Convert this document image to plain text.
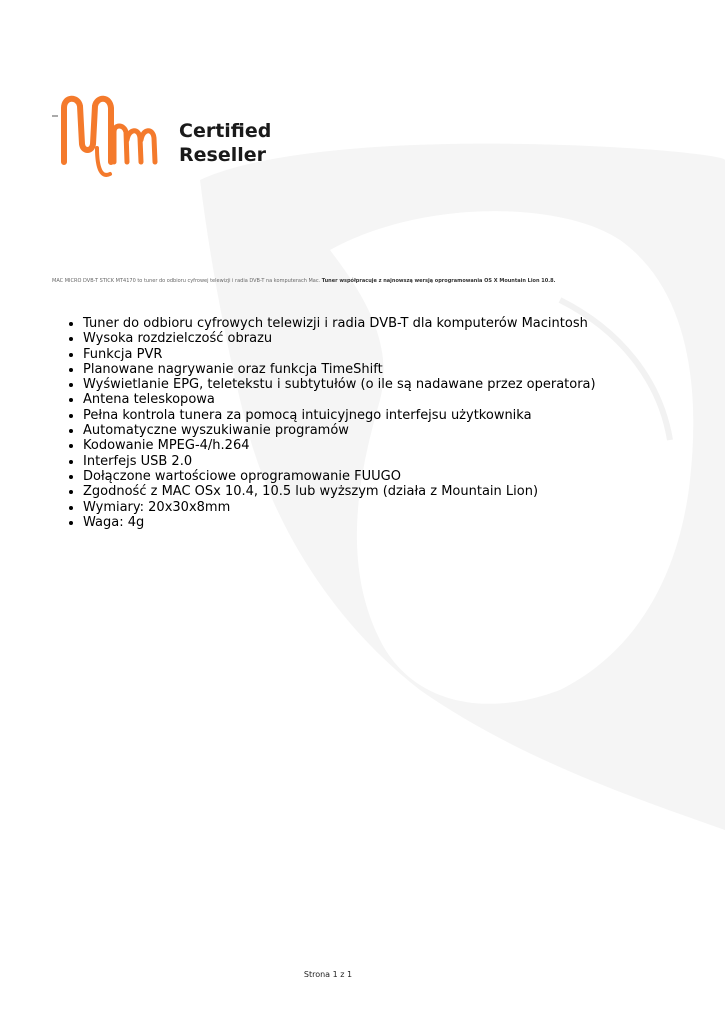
Certified
Reseller
MAC MICRO DVB-T STICK MT4170 to tuner do odbioru cyfrowej telewizji i radia DVB-T na komputerach Mac. Tuner współpracuje z najnowszą wersją oprogramowania OS X Mountain Lion 10.8.
• Tuner do odbioru cyfrowych telewizji i radia DVB-T dla komputerów Macintosh
• Wysoka rozdzielczość obrazu
• Funkcja PVR
• Planowane nagrywanie oraz funkcja TimeShift
• Wyświetlanie EPG, teletekstu i subtytułów (o ile są nadawane przez operatora)
• Antena teleskopowa
• Pełna kontrola tunera za pomocą intuicyjnego interfejsu użytkownika
• Automatyczne wyszukiwanie programów
• Kodowanie MPEG-4/h.264
• Interfejs USB 2.0
• Dołączone wartościowe oprogramowanie FUUGO
• Zgodność z MAC OSx 10.4, 10.5 lub wyższym (działa z Mountain Lion)
• Wymiary: 20x30x8mm
• Waga: 4g
Strona 1 z 1
